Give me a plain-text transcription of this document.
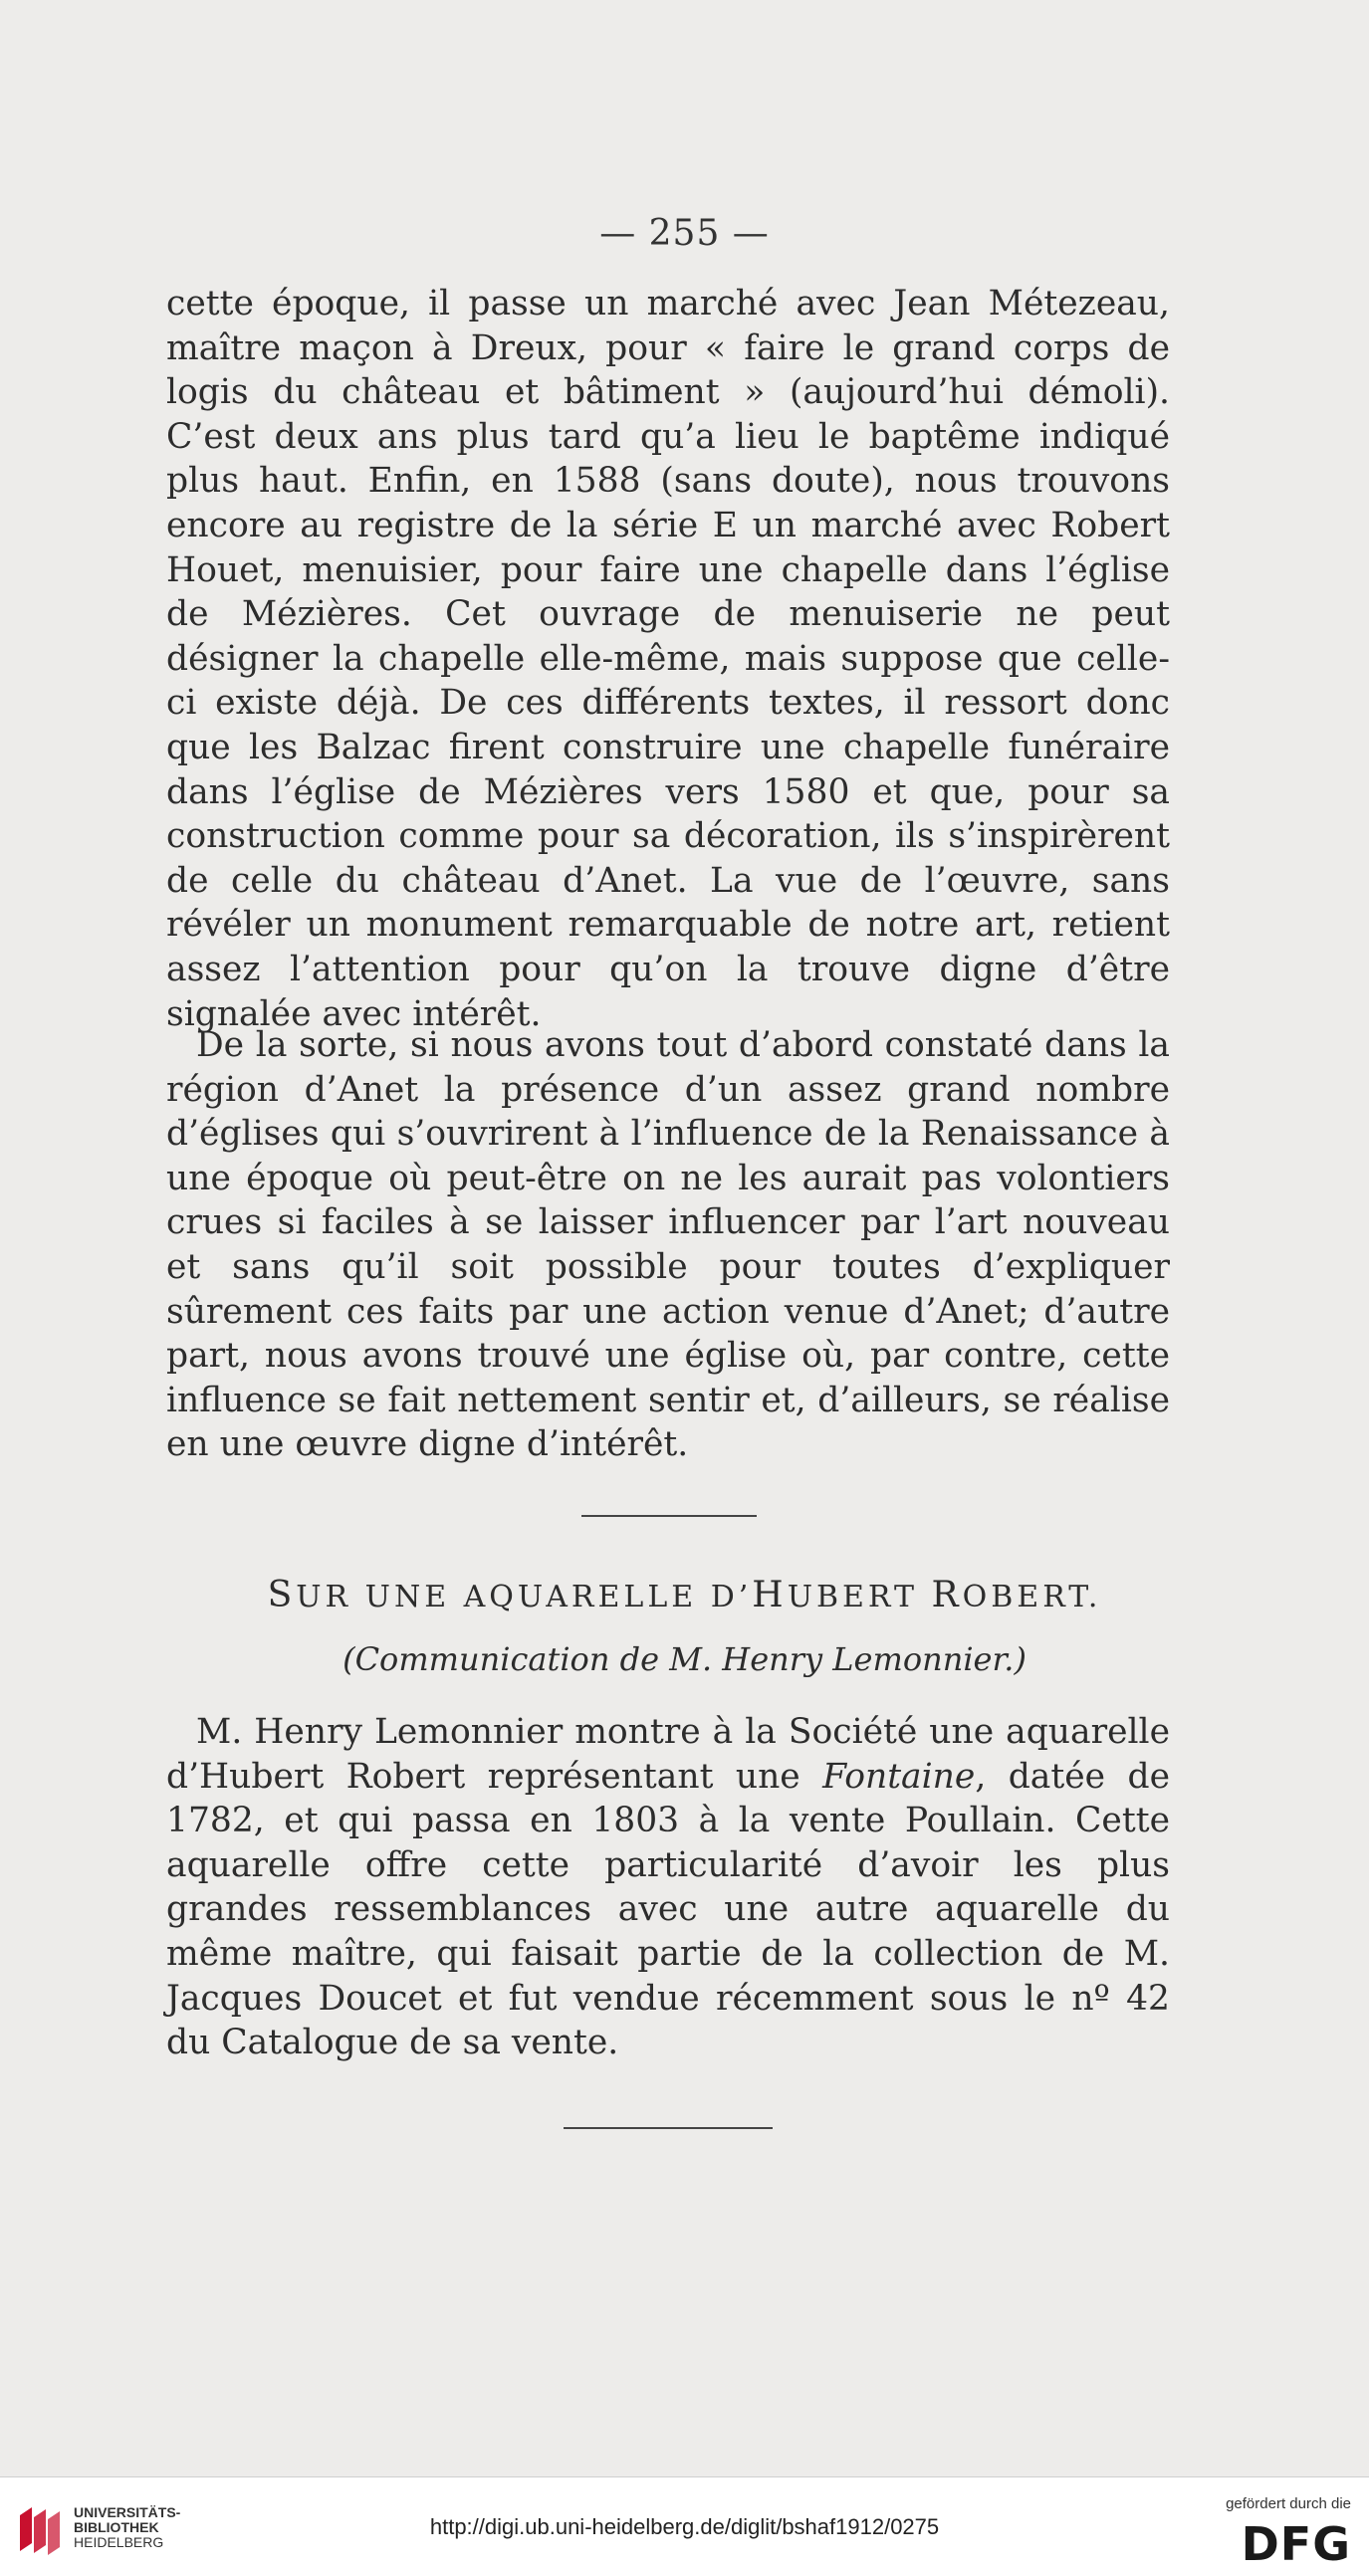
— 255 —
cette époque, il passe un marché avec Jean Métezeau, maître maçon à Dreux, pour « faire le grand corps de logis du château et bâtiment » (aujourd’hui démoli). C’est deux ans plus tard qu’a lieu le baptême indiqué plus haut. Enfin, en 1588 (sans doute), nous trouvons encore au registre de la série E un marché avec Robert Houet, menuisier, pour faire une chapelle dans l’église de Mézières. Cet ouvrage de menuiserie ne peut désigner la chapelle elle-même, mais suppose que celle-ci existe déjà. De ces différents textes, il ressort donc que les Balzac firent construire une chapelle funéraire dans l’église de Mézières vers 1580 et que, pour sa construction comme pour sa décoration, ils s’inspirèrent de celle du château d’Anet. La vue de l’œuvre, sans révéler un monument remarquable de notre art, retient assez l’attention pour qu’on la trouve digne d’être signalée avec intérêt.
De la sorte, si nous avons tout d’abord constaté dans la région d’Anet la présence d’un assez grand nombre d’églises qui s’ouvrirent à l’influence de la Renaissance à une époque où peut-être on ne les aurait pas volontiers crues si faciles à se laisser influencer par l’art nouveau et sans qu’il soit possible pour toutes d’expliquer sûrement ces faits par une action venue d’Anet; d’autre part, nous avons trouvé une église où, par contre, cette influence se fait nettement sentir et, d’ailleurs, se réalise en une œuvre digne d’intérêt.
SUR UNE AQUARELLE D’HUBERT ROBERT.
(Communication de M. Henry Lemonnier.)
M. Henry Lemonnier montre à la Société une aquarelle d’Hubert Robert représentant une Fontaine, datée de 1782, et qui passa en 1803 à la vente Poullain. Cette aquarelle offre cette particularité d’avoir les plus grandes ressemblances avec une autre aquarelle du même maître, qui faisait partie de la collection de M. Jacques Doucet et fut vendue récemment sous le nº 42 du Catalogue de sa vente.
UNIVERSITÄTS-
BIBLIOTHEK
HEIDELBERG
http://digi.ub.uni-heidelberg.de/diglit/bshaf1912/0275
gefördert durch die
DFG
